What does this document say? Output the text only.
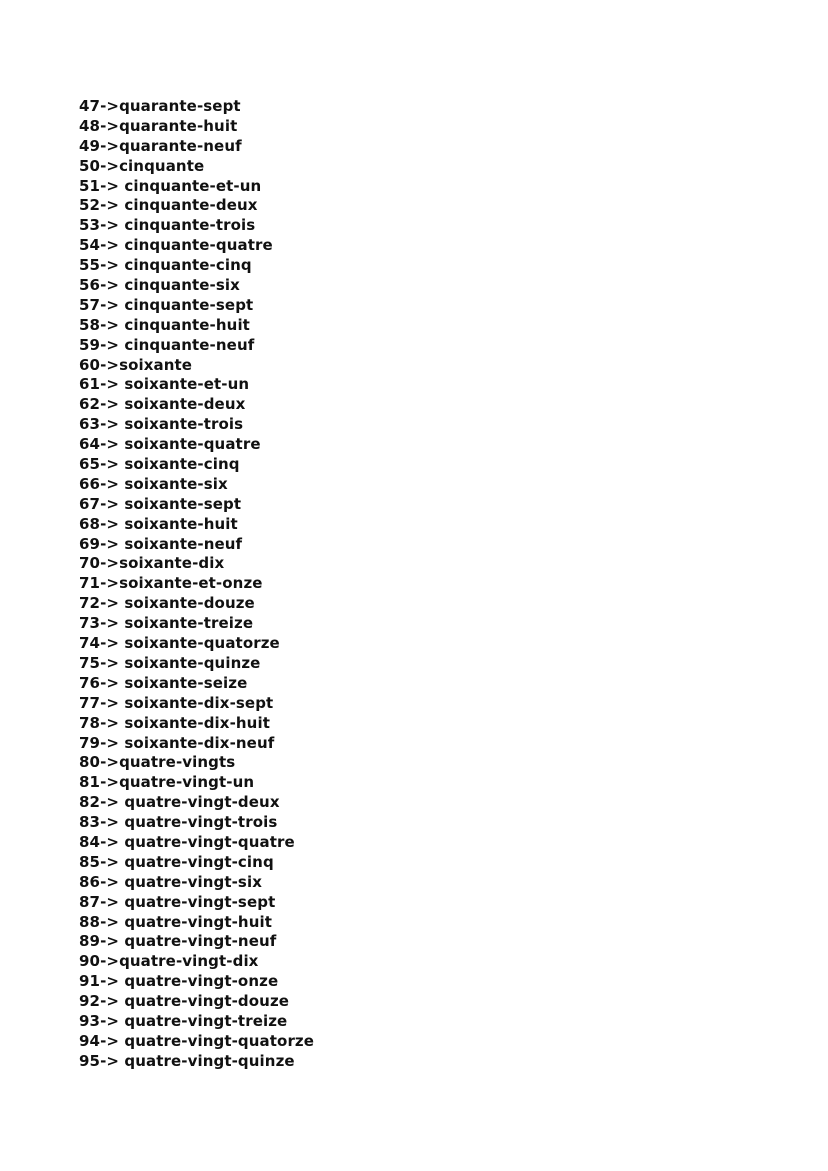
47->quarante-sept
48->quarante-huit
49->quarante-neuf
50->cinquante
51-> cinquante-et-un
52-> cinquante-deux
53-> cinquante-trois
54-> cinquante-quatre
55-> cinquante-cinq
56-> cinquante-six
57-> cinquante-sept
58-> cinquante-huit
59-> cinquante-neuf
60->soixante
61-> soixante-et-un
62-> soixante-deux
63-> soixante-trois
64-> soixante-quatre
65-> soixante-cinq
66-> soixante-six
67-> soixante-sept
68-> soixante-huit
69-> soixante-neuf
70->soixante-dix
71->soixante-et-onze
72-> soixante-douze
73-> soixante-treize
74-> soixante-quatorze
75-> soixante-quinze
76-> soixante-seize
77-> soixante-dix-sept
78-> soixante-dix-huit
79-> soixante-dix-neuf
80->quatre-vingts
81->quatre-vingt-un
82-> quatre-vingt-deux
83-> quatre-vingt-trois
84-> quatre-vingt-quatre
85-> quatre-vingt-cinq
86-> quatre-vingt-six
87-> quatre-vingt-sept
88-> quatre-vingt-huit
89-> quatre-vingt-neuf
90->quatre-vingt-dix
91-> quatre-vingt-onze
92-> quatre-vingt-douze
93-> quatre-vingt-treize
94-> quatre-vingt-quatorze
95-> quatre-vingt-quinze
